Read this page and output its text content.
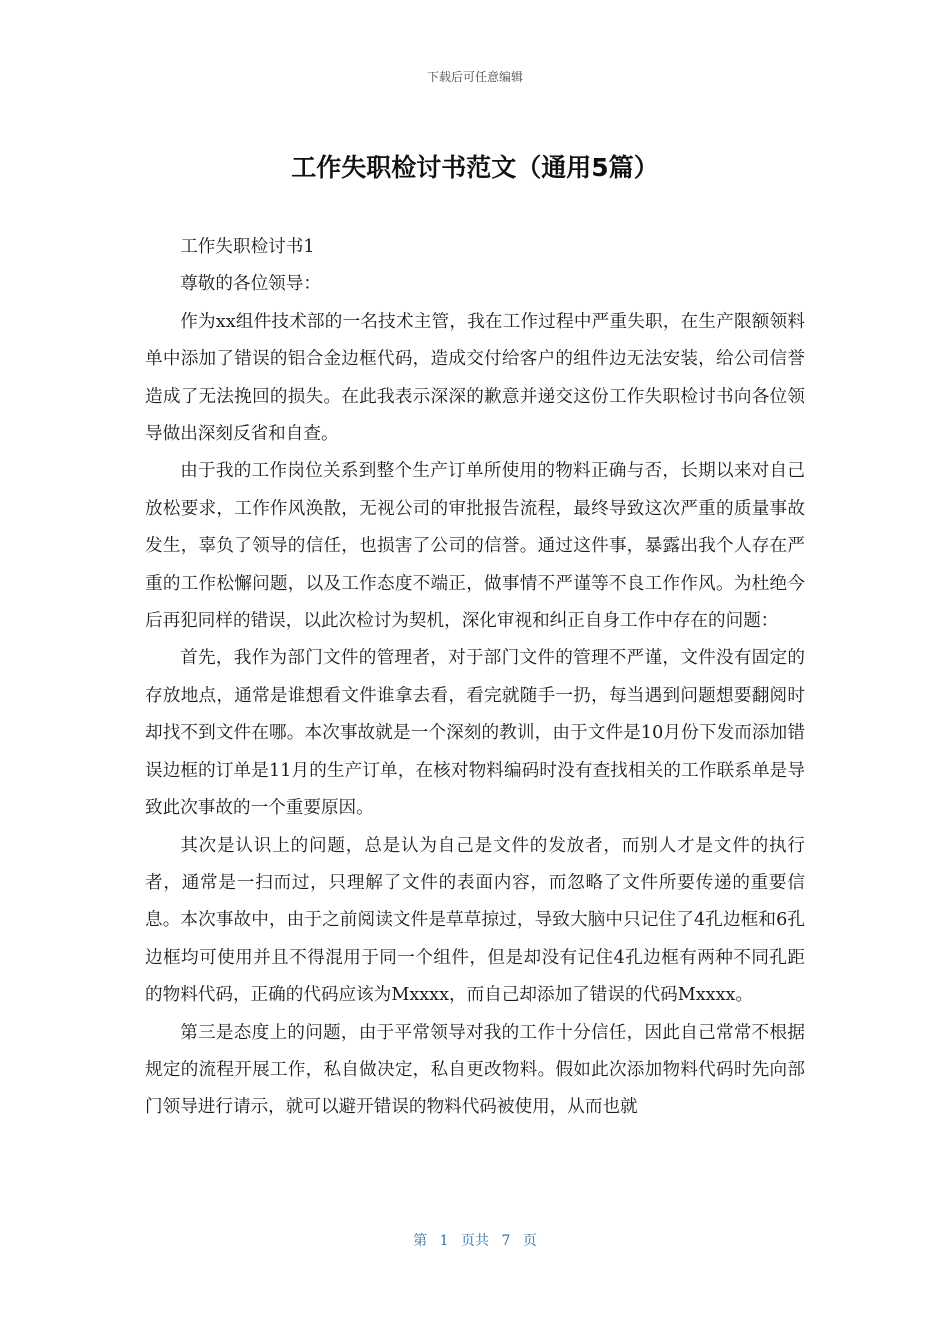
下载后可任意编辑
工作失职检讨书范文（通用5篇）

工作失职检讨书1

尊敬的各位领导：

作为xx组件技术部的一名技术主管，我在工作过程中严重失职，在生产限额领料单中添加了错误的铝合金边框代码，造成交付给客户的组件边无法安装，给公司信誉造成了无法挽回的损失。在此我表示深深的歉意并递交这份工作失职检讨书向各位领导做出深刻反省和自查。

由于我的工作岗位关系到整个生产订单所使用的物料正确与否，长期以来对自己放松要求，工作作风涣散，无视公司的审批报告流程，最终导致这次严重的质量事故发生，辜负了领导的信任，也损害了公司的信誉。通过这件事，暴露出我个人存在严重的工作松懈问题，以及工作态度不端正，做事情不严谨等不良工作作风。为杜绝今后再犯同样的错误，以此次检讨为契机，深化审视和纠正自身工作中存在的问题：

首先，我作为部门文件的管理者，对于部门文件的管理不严谨，文件没有固定的存放地点，通常是谁想看文件谁拿去看，看完就随手一扔，每当遇到问题想要翻阅时却找不到文件在哪。本次事故就是一个深刻的教训，由于文件是10月份下发而添加错误边框的订单是11月的生产订单，在核对物料编码时没有查找相关的工作联系单是导致此次事故的一个重要原因。

其次是认识上的问题，总是认为自己是文件的发放者，而别人才是文件的执行者，通常是一扫而过，只理解了文件的表面内容，而忽略了文件所要传递的重要信息。本次事故中，由于之前阅读文件是草草掠过，导致大脑中只记住了4孔边框和6孔边框均可使用并且不得混用于同一个组件，但是却没有记住4孔边框有两种不同孔距的物料代码，正确的代码应该为Mxxxx，而自己却添加了错误的代码Mxxxx。

第三是态度上的问题，由于平常领导对我的工作十分信任，因此自己常常不根据规定的流程开展工作，私自做决定，私自更改物料。假如此次添加物料代码时先向部门领导进行请示，就可以避开错误的物料代码被使用，从而也就

第 1 页共 7 页
